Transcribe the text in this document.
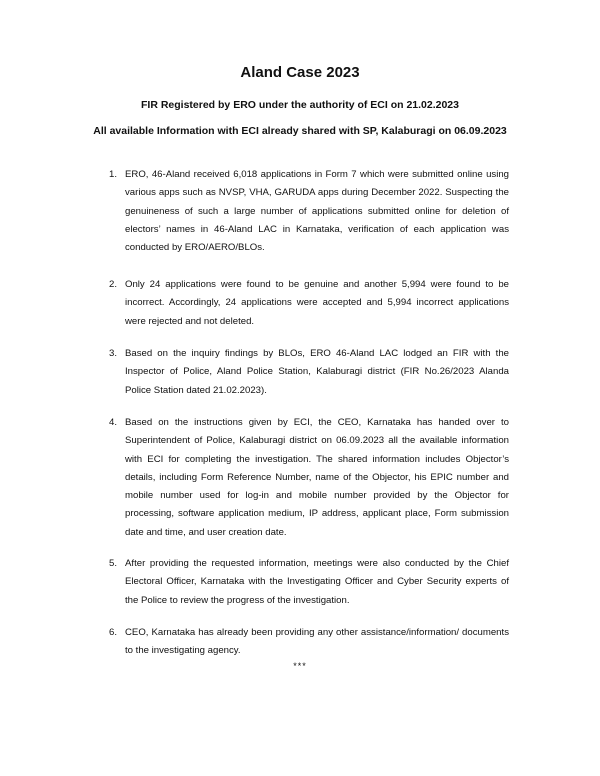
Aland Case 2023

FIR Registered by ERO under the authority of ECI on 21.02.2023

All available Information with ECI already shared with SP, Kalaburagi on 06.09.2023

1. ERO, 46-Aland received 6,018 applications in Form 7 which were submitted online using various apps such as NVSP, VHA, GARUDA apps during December 2022. Suspecting the genuineness of such a large number of applications submitted online for deletion of electors’ names in 46-Aland LAC in Karnataka, verification of each application was conducted by ERO/AERO/BLOs.
2. Only 24 applications were found to be genuine and another 5,994 were found to be incorrect. Accordingly, 24 applications were accepted and 5,994 incorrect applications were rejected and not deleted.
3. Based on the inquiry findings by BLOs, ERO 46-Aland LAC lodged an FIR with the Inspector of Police, Aland Police Station, Kalaburagi district (FIR No.26/2023 Alanda Police Station dated 21.02.2023).
4. Based on the instructions given by ECI, the CEO, Karnataka has handed over to Superintendent of Police, Kalaburagi district on 06.09.2023 all the available information with ECI for completing the investigation. The shared information includes Objector’s details, including Form Reference Number, name of the Objector, his EPIC number and mobile number used for log-in and mobile number provided by the Objector for processing, software application medium, IP address, applicant place, Form submission date and time, and user creation date.
5. After providing the requested information, meetings were also conducted by the Chief Electoral Officer, Karnataka with the Investigating Officer and Cyber Security experts of the Police to review the progress of the investigation.
6. CEO, Karnataka has already been providing any other assistance/information/ documents to the investigating agency.
***
